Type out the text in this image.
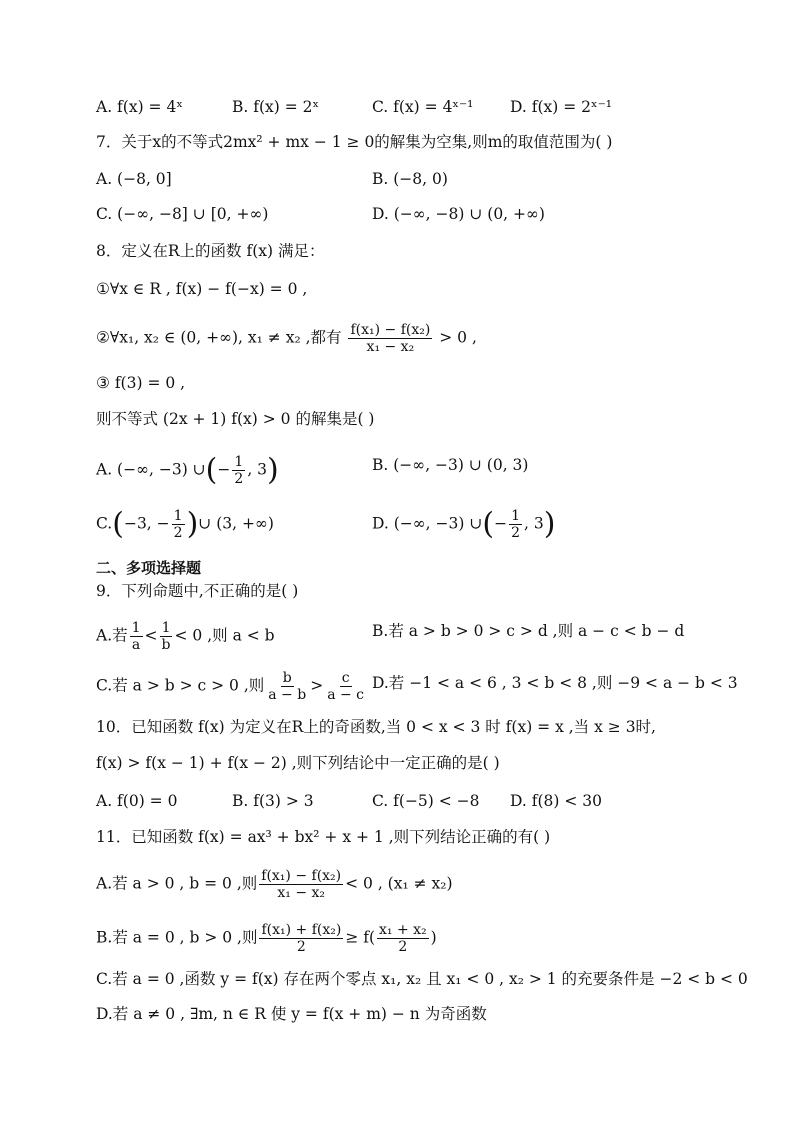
A. f(x) = 4ˣ	B. f(x) = 2ˣ	C. f(x) = 4ˣ⁻¹ D. f(x) = 2ˣ⁻¹
7．关于x的不等式2mx² + mx − 1 ≥ 0的解集为空集,则m的取值范围为( )
A. (−8, 0]	B. (−8, 0)
C. (−∞, −8] ∪ [0, +∞)	D. (−∞, −8) ∪ (0, +∞)
8．定义在R上的函数 f(x) 满足：
①∀x ∈ R , f(x) − f(−x) = 0 ,
②∀x₁, x₂ ∈ (0, +∞), x₁ ≠ x₂ ,都有 $\frac{\text{f(x₁) − f(x₂)}}{\text{x₁ − x₂}} > 0$ ,
③ f(3) = 0 ,
则不等式 (2x + 1) f(x) > 0 的解集是( )
A. (−∞, −3) ∪(− $\frac{1}{2}$ , 3)	B. (−∞, −3) ∪ (0, 3)
C.(−3, − $\frac{1}{2}$ )∪ (3, +∞)	D. (−∞, −3) ∪(− $\frac{1}{2}$ , 3)
二、多项选择题
9．下列命题中,不正确的是( )
A.若 $\frac{1}{a} < \frac{1}{b} < 0$ ,则 a < b	B.若 a > b > 0 > c > d ,则 a − c < b − d
C.若 a > b > c > 0 ,则 $\frac{b}{a - b} > \frac{c}{a - c} D$.若 −1 < a < 6 , 3 < b < 8 ,则 −9 < a − b < 3
10．已知函数 f(x) 为定义在R上的奇函数,当 0 < x < 3 时 f(x) = x ,当 x ≥ 3时,
f(x) > f(x − 1) + f(x − 2) ,则下列结论中一定正确的是( )
A. f(0) = 0	B. f(3) > 3	C. f(−5) < −8 D. f(8) < 30
11．已知函数 f(x) = ax³ + bx² + x + 1 ,则下列结论正确的有( )
A.若 a > 0 , b = 0 ,则 $\frac{\text{f(x₁) − f(x₂)}}{\text{x₁ − x₂}} < 0$ , (x₁ ≠ x₂)
B.若 a = 0 , b > 0 ,则 $\frac{\text{f(x₁) + f(x₂)}}{2} \ge f( \frac{\text{x₁ + x₂}}{2}$ )
C.若 a = 0 ,函数 y = f(x) 存在两个零点 x₁, x₂ 且 x₁ < 0 , x₂ > 1 的充要条件是 −2 < b < 0
D.若 a ≠ 0 , ∃m, n ∈ R 使 y = f(x + m) − n 为奇函数
